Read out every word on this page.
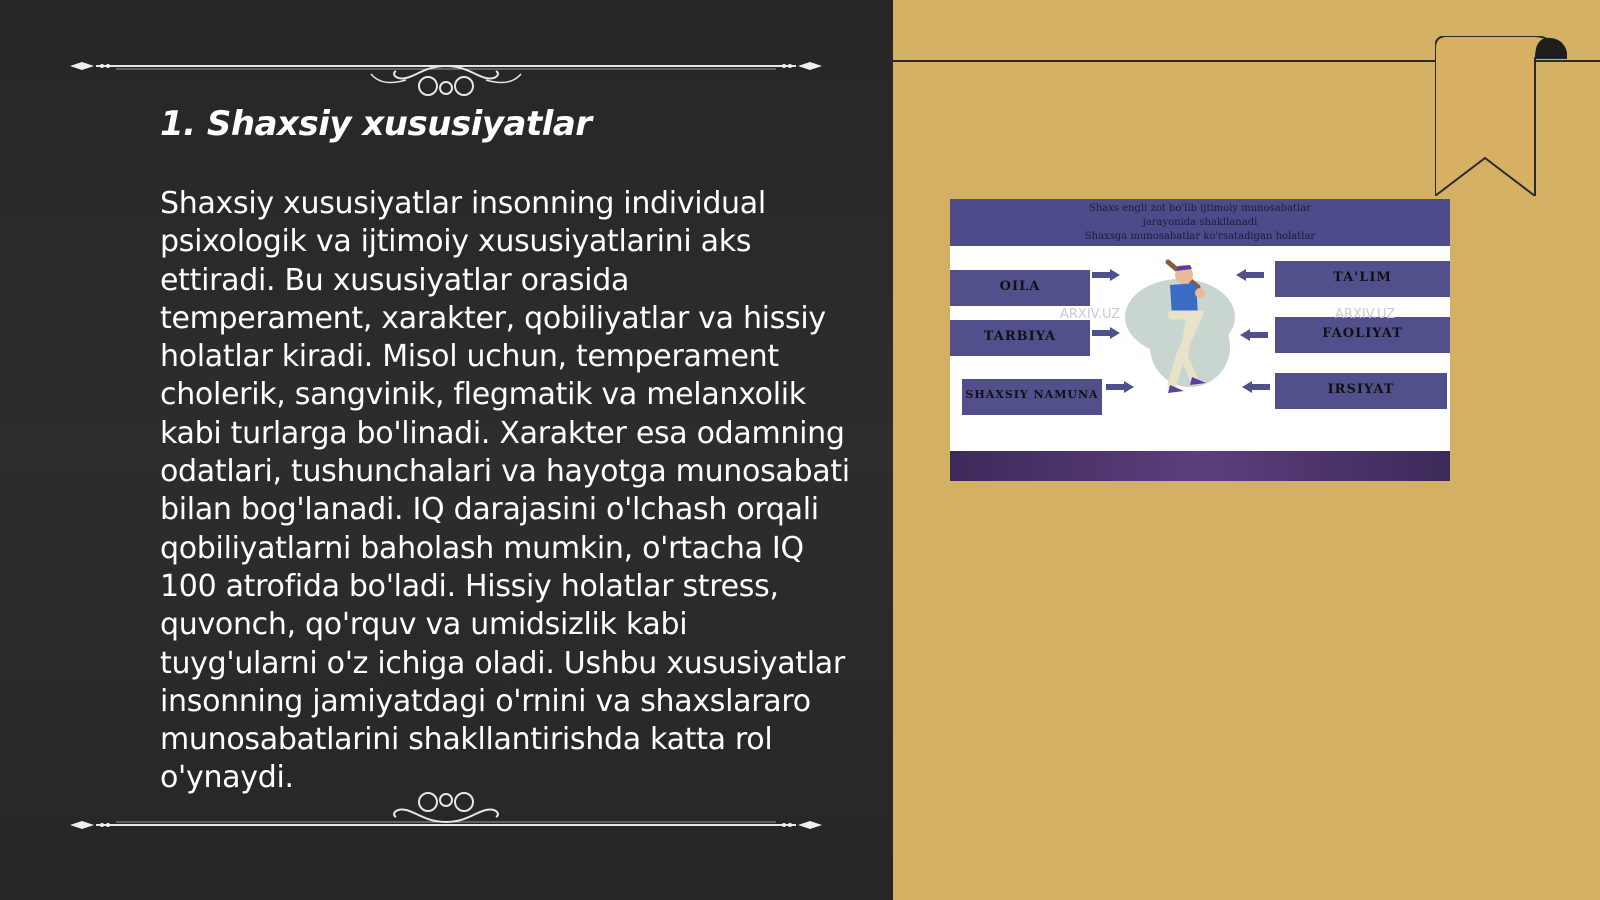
1. Shaxsiy xususiyatlar

Shaxsiy xususiyatlar insonning individual psixologik va ijtimoiy xususiyatlarini aks ettiradi. Bu xususiyatlar orasida temperament, xarakter, qobiliyatlar va hissiy holatlar kiradi. Misol uchun, temperament cholerik, sangvinik, flegmatik va melanxolik kabi turlarga bo'linadi. Xarakter esa odamning odatlari, tushunchalari va hayotga munosabati bilan bog'lanadi. IQ darajasini o'lchash orqali qobiliyatlarni baholash mumkin, o'rtacha IQ 100 atrofida bo'ladi. Hissiy holatlar stress, quvonch, qo'rquv va umidsizlik kabi tuyg'ularni o'z ichiga oladi. Ushbu xususiyatlar insonning jamiyatdagi o'rnini va shaxslararo munosabatlarini shakllantirishda katta rol o'ynaydi.

Shaxs engli zot bo'lib ijtimoiy munosabatlar
jarayonida shakllanadi
Shaxsga munosabatlar ko'rsatadigan holatlar
OILA
TARBIYA
SHAXSIY NAMUNA
TA'LIM
FAOLIYAT
IRSIYAT
ARXIV.UZ	ARXIV.UZ
